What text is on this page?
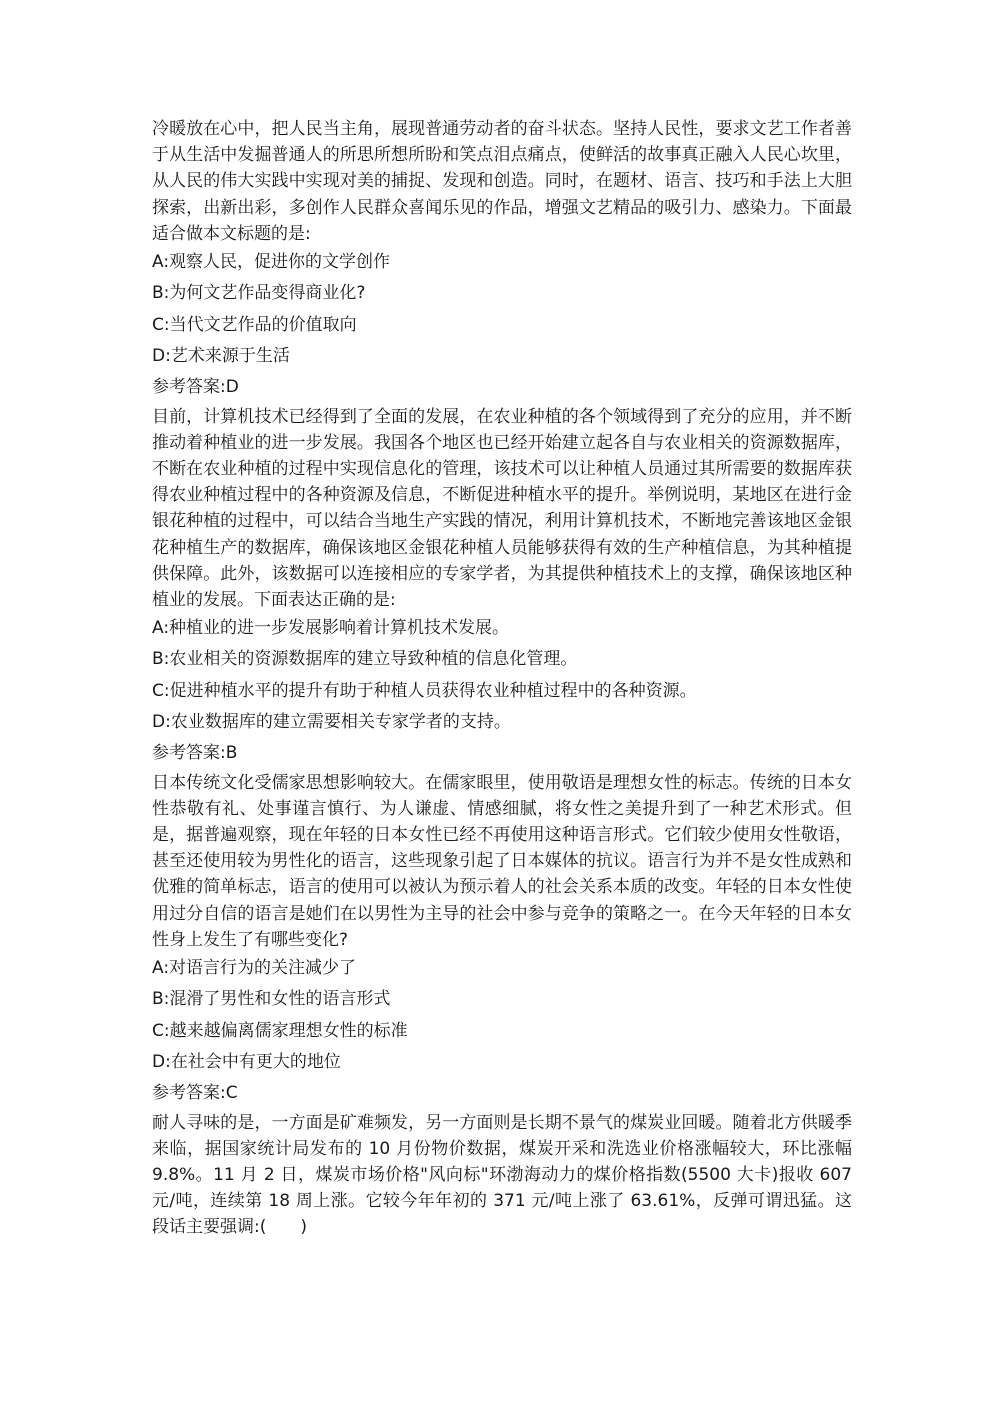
冷暖放在心中，把人民当主角，展现普通劳动者的奋斗状态。坚持人民性，要求文艺工作者善于从生活中发掘普通人的所思所想所盼和笑点泪点痛点，使鲜活的故事真正融入人民心坎里，从人民的伟大实践中实现对美的捕捉、发现和创造。同时，在题材、语言、技巧和手法上大胆探索，出新出彩，多创作人民群众喜闻乐见的作品，增强文艺精品的吸引力、感染力。下面最适合做本文标题的是:

A:观察人民，促进你的文学创作
B:为何文艺作品变得商业化?
C:当代文艺作品的价值取向
D:艺术来源于生活
参考答案:D

目前，计算机技术已经得到了全面的发展，在农业种植的各个领域得到了充分的应用，并不断推动着种植业的进一步发展。我国各个地区也已经开始建立起各自与农业相关的资源数据库，不断在农业种植的过程中实现信息化的管理，该技术可以让种植人员通过其所需要的数据库获得农业种植过程中的各种资源及信息，不断促进种植水平的提升。举例说明，某地区在进行金银花种植的过程中，可以结合当地生产实践的情况，利用计算机技术，不断地完善该地区金银花种植生产的数据库，确保该地区金银花种植人员能够获得有效的生产种植信息，为其种植提供保障。此外，该数据可以连接相应的专家学者，为其提供种植技术上的支撑，确保该地区种植业的发展。下面表达正确的是:

A:种植业的进一步发展影响着计算机技术发展。
B:农业相关的资源数据库的建立导致种植的信息化管理。
C:促进种植水平的提升有助于种植人员获得农业种植过程中的各种资源。
D:农业数据库的建立需要相关专家学者的支持。
参考答案:B

日本传统文化受儒家思想影响较大。在儒家眼里，使用敬语是理想女性的标志。传统的日本女性恭敬有礼、处事谨言慎行、为人谦虚、情感细腻，将女性之美提升到了一种艺术形式。但是，据普遍观察，现在年轻的日本女性已经不再使用这种语言形式。它们较少使用女性敬语，甚至还使用较为男性化的语言，这些现象引起了日本媒体的抗议。语言行为并不是女性成熟和优雅的简单标志，语言的使用可以被认为预示着人的社会关系本质的改变。年轻的日本女性使用过分自信的语言是她们在以男性为主导的社会中参与竞争的策略之一。在今天年轻的日本女性身上发生了有哪些变化?

A:对语言行为的关注减少了
B:混滑了男性和女性的语言形式
C:越来越偏离儒家理想女性的标准
D:在社会中有更大的地位
参考答案:C

耐人寻味的是，一方面是矿难频发，另一方面则是长期不景气的煤炭业回暖。随着北方供暖季来临，据国家统计局发布的 10 月份物价数据，煤炭开采和洗选业价格涨幅较大，环比涨幅 9.8%。11 月 2 日，煤炭市场价格"风向标"环渤海动力的煤价格指数(5500 大卡)报收 607 元/吨，连续第 18 周上涨。它较今年年初的 371 元/吨上涨了 63.61%，反弹可谓迅猛。这段话主要强调:(　　)
